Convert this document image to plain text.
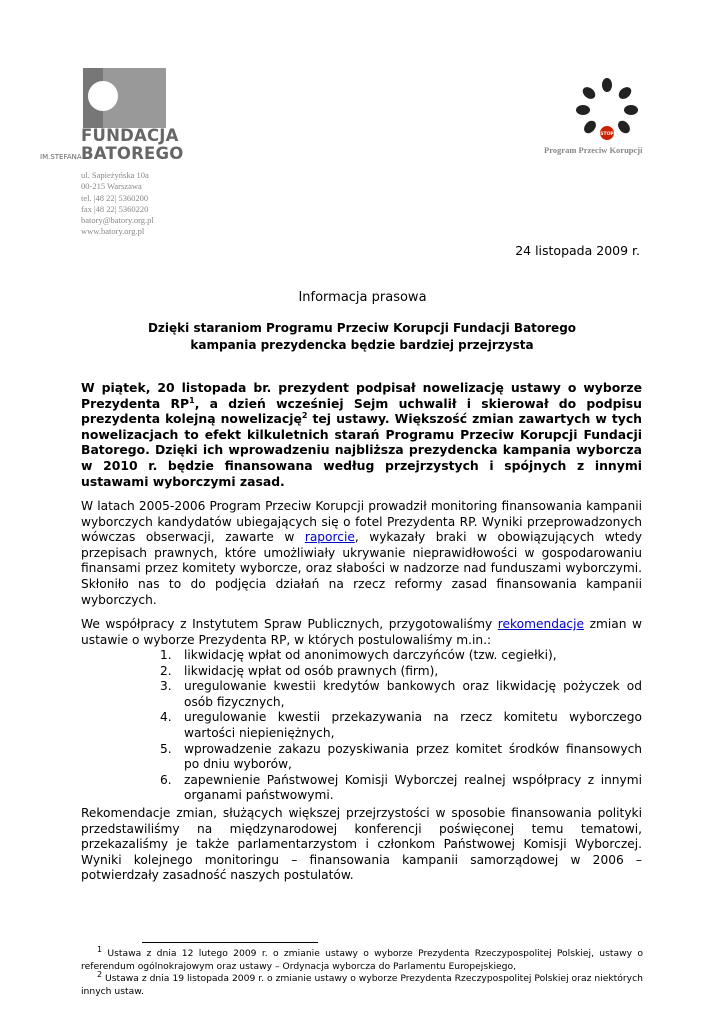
FUNDACJA
IM.STEFANA BATOREGO
ul. Sapieżyńska 10a
00-215 Warszawa
tel. |48 22| 5360200
fax |48 22| 5360220
batory@batory.org.pl
www.batory.org.pl
STOP
Program Przeciw Korupcji
24 listopada 2009 r.
Informacja prasowa
Dzięki staraniom Programu Przeciw Korupcji Fundacji Batorego
kampania prezydencka będzie bardziej przejrzysta
W piątek, 20 listopada br. prezydent podpisał nowelizację ustawy o wyborze Prezydenta $RP^1$, a dzień wcześniej Sejm uchwalił i skierował do podpisu prezydenta kolejną nowelizację$^2$ tej ustawy. Większość zmian zawartych w tych nowelizacjach to efekt kilkuletnich starań Programu Przeciw Korupcji Fundacji Batorego. Dzięki ich wprowadzeniu najbliższa prezydencka kampania wyborcza w 2010 r. będzie finansowana według przejrzystych i spójnych z innymi ustawami wyborczymi zasad.
W latach 2005-2006 Program Przeciw Korupcji prowadził monitoring finansowania kampanii wyborczych kandydatów ubiegających się o fotel Prezydenta RP. Wyniki przeprowadzonych wówczas obserwacji, zawarte w raporcie, wykazały braki w obowiązujących wtedy przepisach prawnych, które umożliwiały ukrywanie nieprawidłowości w gospodarowaniu finansami przez komitety wyborcze, oraz słabości w nadzorze nad funduszami wyborczymi. Skłoniło nas to do podjęcia działań na rzecz reformy zasad finansowania kampanii wyborczych.
We współpracy z Instytutem Spraw Publicznych, przygotowaliśmy rekomendacje zmian w ustawie o wyborze Prezydenta RP, w których postulowaliśmy m.in.:
1. likwidację wpłat od anonimowych darczyńców (tzw. cegiełki),
2. likwidację wpłat od osób prawnych (firm),
3. uregulowanie kwestii kredytów bankowych oraz likwidację pożyczek od osób fizycznych,
4. uregulowanie kwestii przekazywania na rzecz komitetu wyborczego wartości niepieniężnych,
5. wprowadzenie zakazu pozyskiwania przez komitet środków finansowych po dniu wyborów,
6. zapewnienie Państwowej Komisji Wyborczej realnej współpracy z innymi organami państwowymi.
Rekomendacje zmian, służących większej przejrzystości w sposobie finansowania polityki przedstawiliśmy na międzynarodowej konferencji poświęconej temu tematowi, przekazaliśmy je także parlamentarzystom i członkom Państwowej Komisji Wyborczej. Wyniki kolejnego monitoringu – finansowania kampanii samorządowej w 2006 – potwierdzały zasadność naszych postulatów.
$^1$ Ustawa z dnia 12 lutego 2009 r. o zmianie ustawy o wyborze Prezydenta Rzeczypospolitej Polskiej, ustawy o referendum ogólnokrajowym oraz ustawy – Ordynacja wyborcza do Parlamentu Europejskiego,
$^2$ Ustawa z dnia 19 listopada 2009 r. o zmianie ustawy o wyborze Prezydenta Rzeczypospolitej Polskiej oraz niektórych innych ustaw.
